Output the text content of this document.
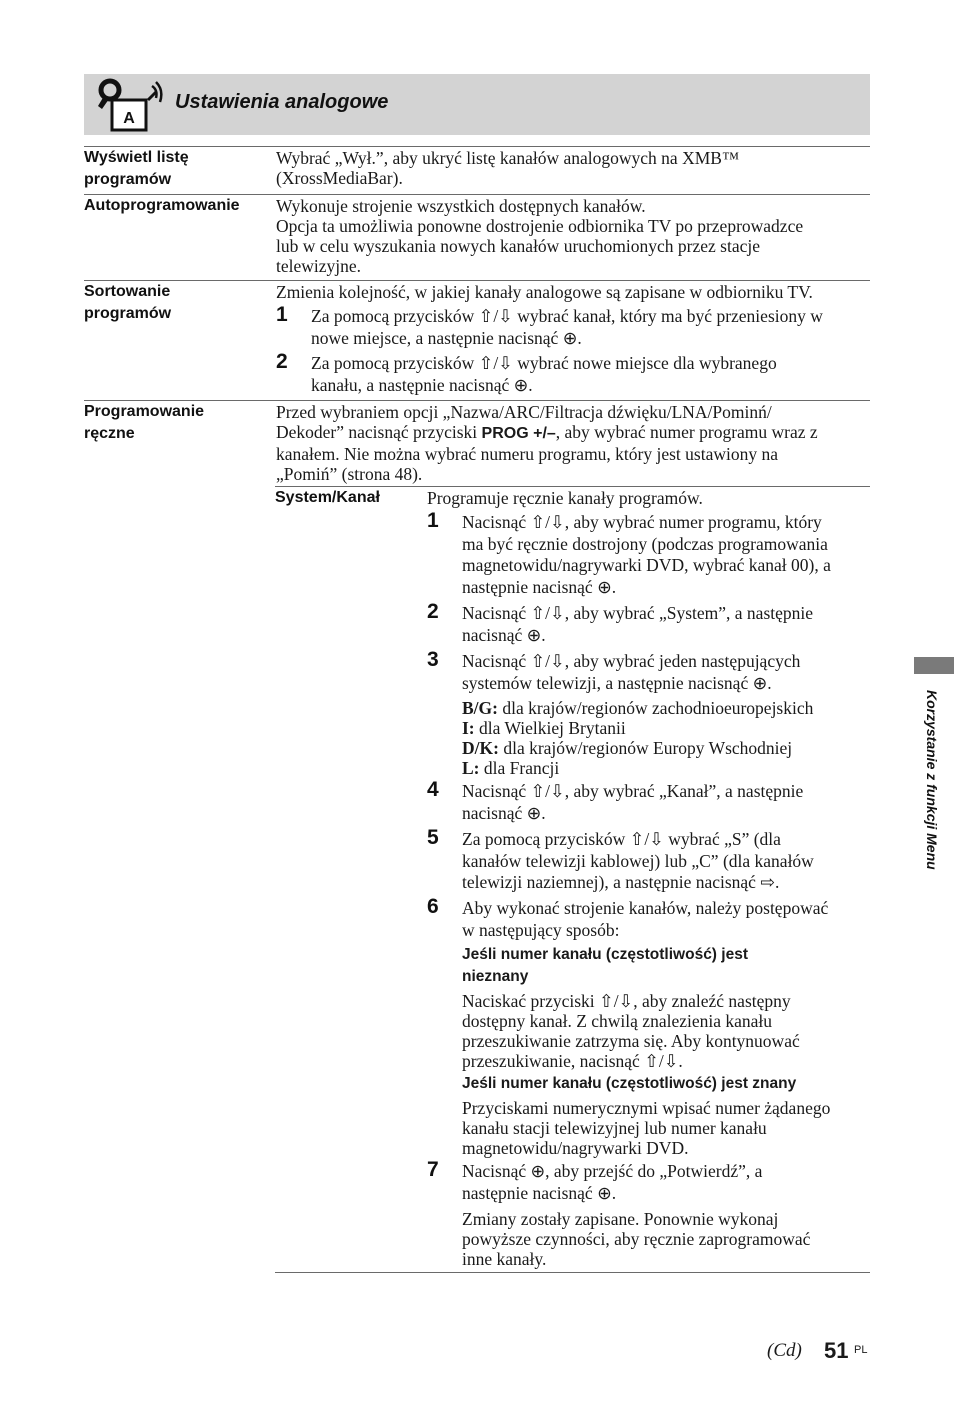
A
Ustawienia analogowe
Wyświetl listę
programów
Wybrać „Wył.”, aby ukryć listę kanałów analogowych na XMB™
(XrossMediaBar).
Autoprogramowanie Wykonuje strojenie wszystkich dostępnych kanałów.
Opcja ta umożliwia ponowne dostrojenie odbiornika TV po przeprowadzce
lub w celu wyszukania nowych kanałów uruchomionych przez stacje
telewizyjne.
Sortowanie
programów
Zmienia kolejność, w jakiej kanały analogowe są zapisane w odbiorniku TV.
1 Za pomocą przycisków ⇧/⇩ wybrać kanał, który ma być przeniesiony w
nowe miejsce, a następnie nacisnąć ⊕.
2 Za pomocą przycisków ⇧/⇩ wybrać nowe miejsce dla wybranego
kanału, a następnie nacisnąć ⊕.
Programowanie
ręczne
Przed wybraniem opcji „Nazwa/ARC/Filtracja dźwięku/LNA/Pominń/
Dekoder” nacisnąć przyciski PROG +/–, aby wybrać numer programu wraz z
kanałem. Nie można wybrać numeru programu, który jest ustawiony na
„Pomiń” (strona 48).
System/Kanał	Programuje ręcznie kanały programów.
1 Nacisnąć ⇧/⇩, aby wybrać numer programu, który
ma być ręcznie dostrojony (podczas programowania
magnetowidu/nagrywarki DVD, wybrać kanał 00), a
następnie nacisnąć ⊕.
2 Nacisnąć ⇧/⇩, aby wybrać „System”, a następnie
nacisnąć ⊕.
3 Nacisnąć ⇧/⇩, aby wybrać jeden następujących
systemów telewizji, a następnie nacisnąć ⊕.
B/G: dla krajów/regionów zachodnioeuropejskich
I: dla Wielkiej Brytanii
D/K: dla krajów/regionów Europy Wschodniej
L: dla Francji
4 Nacisnąć ⇧/⇩, aby wybrać „Kanał”, a następnie
nacisnąć ⊕.
5 Za pomocą przycisków ⇧/⇩ wybrać „S” (dla
kanałów telewizji kablowej) lub „C” (dla kanałów
telewizji naziemnej), a następnie nacisnąć ⇨.
6 Aby wykonać strojenie kanałów, należy postępować
w następujący sposób:
Jeśli numer kanału (częstotliwość) jest
nieznany
Naciskać przyciski ⇧/⇩, aby znaleźć następny
dostępny kanał. Z chwilą znalezienia kanału
przeszukiwanie zatrzyma się. Aby kontynuować
przeszukiwanie, nacisnąć ⇧/⇩.
Jeśli numer kanału (częstotliwość) jest znany
Przyciskami numerycznymi wpisać numer żądanego
kanału stacji telewizyjnej lub numer kanału
magnetowidu/nagrywarki DVD.
7 Nacisnąć ⊕, aby przejść do „Potwierdź”, a
następnie nacisnąć ⊕.
Zmiany zostały zapisane. Ponownie wykonaj
powyższe czynności, aby ręcznie zaprogramować
inne kanały.
Korzystanie z funkcji Menu
(Cd) 51 PL
